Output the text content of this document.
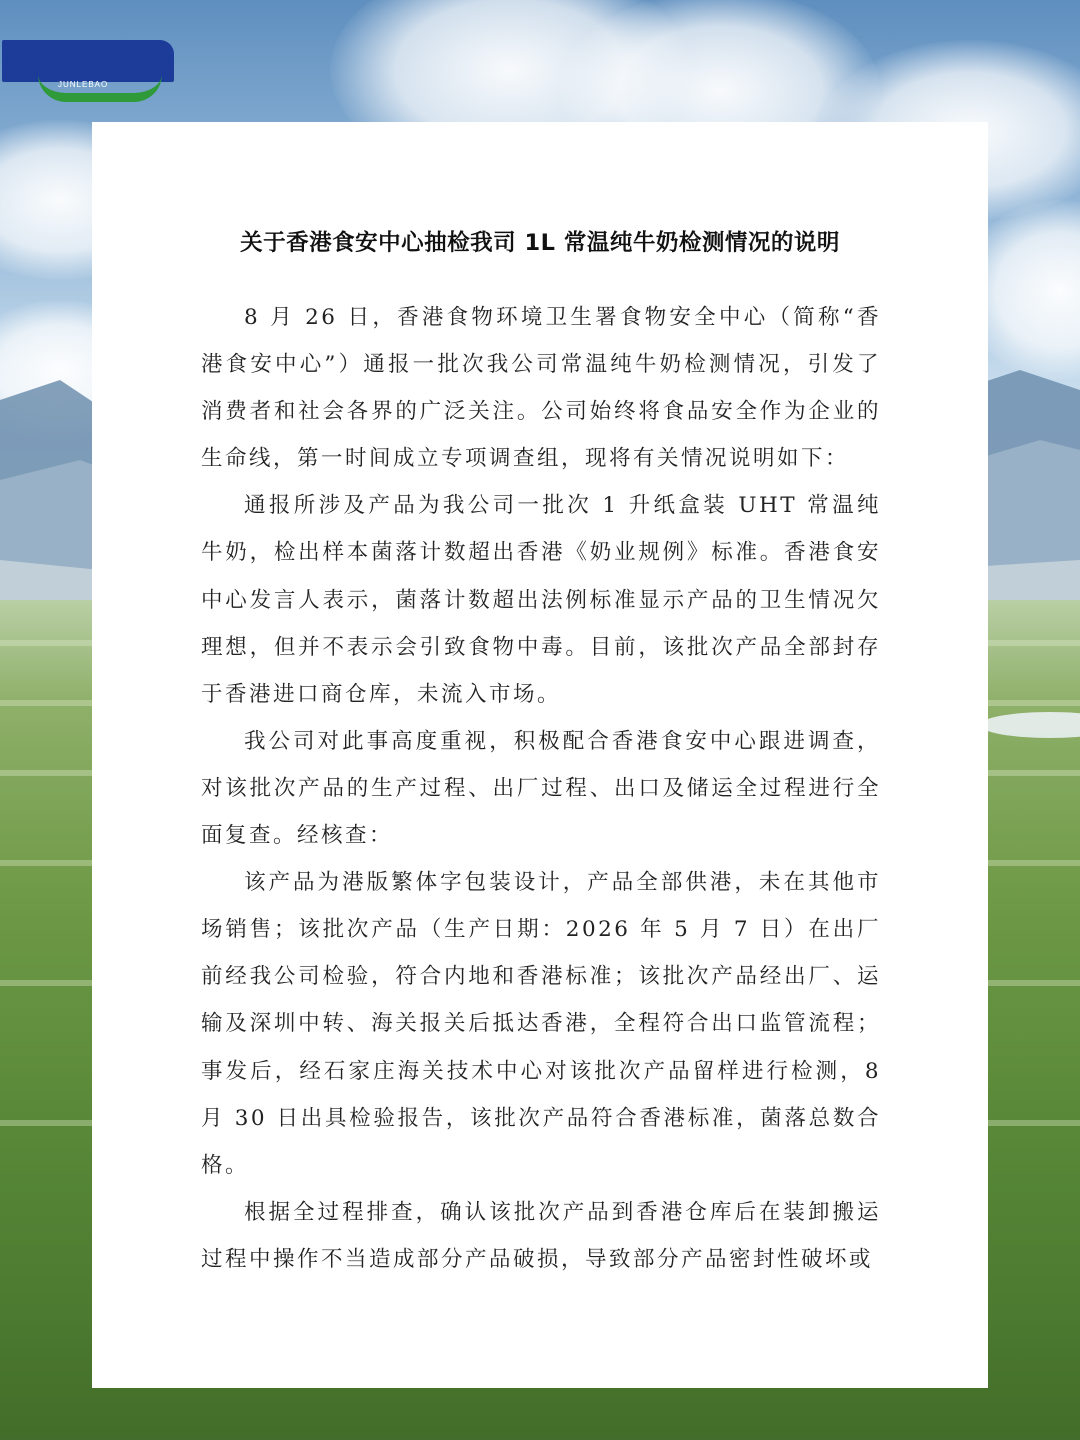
JUNLEBAO
关于香港食安中心抽检我司 1L 常温纯牛奶检测情况的说明

8 月 26 日，香港食物环境卫生署食物安全中心（简称“香港食安中心”）通报一批次我公司常温纯牛奶检测情况，引发了消费者和社会各界的广泛关注。公司始终将食品安全作为企业的生命线，第一时间成立专项调查组，现将有关情况说明如下：

通报所涉及产品为我公司一批次 1 升纸盒装 UHT 常温纯牛奶，检出样本菌落计数超出香港《奶业规例》标准。香港食安中心发言人表示，菌落计数超出法例标准显示产品的卫生情况欠理想，但并不表示会引致食物中毒。目前，该批次产品全部封存于香港进口商仓库，未流入市场。

我公司对此事高度重视，积极配合香港食安中心跟进调查，对该批次产品的生产过程、出厂过程、出口及储运全过程进行全面复查。经核查：

该产品为港版繁体字包装设计，产品全部供港，未在其他市场销售；该批次产品（生产日期：2026 年 5 月 7 日）在出厂前经我公司检验，符合内地和香港标准；该批次产品经出厂、运输及深圳中转、海关报关后抵达香港，全程符合出口监管流程；事发后，经石家庄海关技术中心对该批次产品留样进行检测，8 月 30 日出具检验报告，该批次产品符合香港标准，菌落总数合格。

根据全过程排查，确认该批次产品到香港仓库后在装卸搬运过程中操作不当造成部分产品破损，导致部分产品密封性破坏或
